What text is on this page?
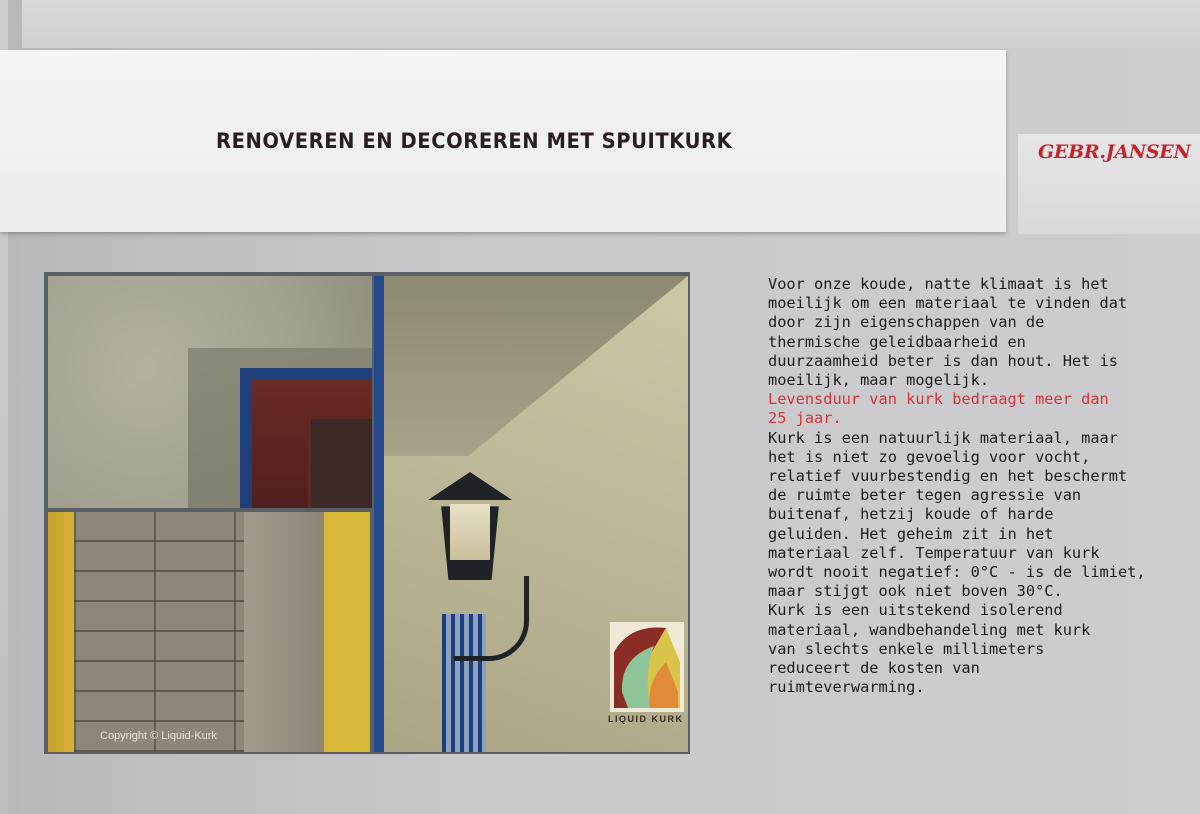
RENOVEREN EN DECOREREN MET SPUITKURK	GEBR.JANSEN
Copyright © Liquid-Kurk
LIQUID KURK
Voor onze koude, natte klimaat is het
moeilijk om een materiaal te vinden dat
door zijn eigenschappen van de
thermische geleidbaarheid en
duurzaamheid beter is dan hout. Het is
moeilijk, maar mogelijk.
Levensduur van kurk bedraagt meer dan
25 jaar.
Kurk is een natuurlijk materiaal, maar
het is niet zo gevoelig voor vocht,
relatief vuurbestendig en het beschermt
de ruimte beter tegen agressie van
buitenaf, hetzij koude of harde
geluiden. Het geheim zit in het
materiaal zelf. Temperatuur van kurk
wordt nooit negatief: 0°C - is de limiet,
maar stijgt ook niet boven 30°C.
Kurk is een uitstekend isolerend
materiaal, wandbehandeling met kurk
van slechts enkele millimeters
reduceert de kosten van
ruimteverwarming.
